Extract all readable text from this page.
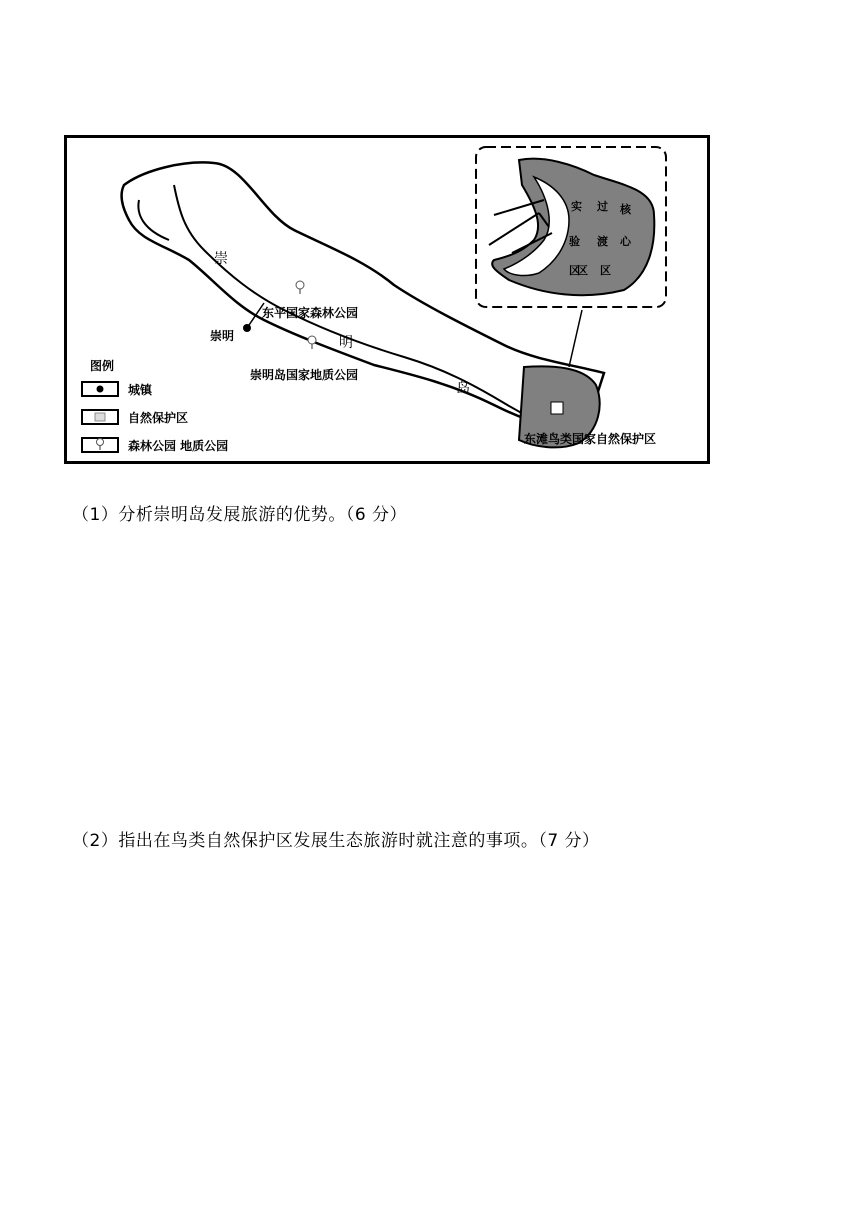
崇
明
岛
崇明
东平国家森林公园
崇明岛国家地质公园
东滩鸟类国家自然保护区
实
验
区
过
渡
区
核
心
区
图例
城镇
自然保护区
森林公园 地质公园
（1）分析崇明岛发展旅游的优势。（6 分）
（2）指出在鸟类自然保护区发展生态旅游时就注意的事项。（7 分）
